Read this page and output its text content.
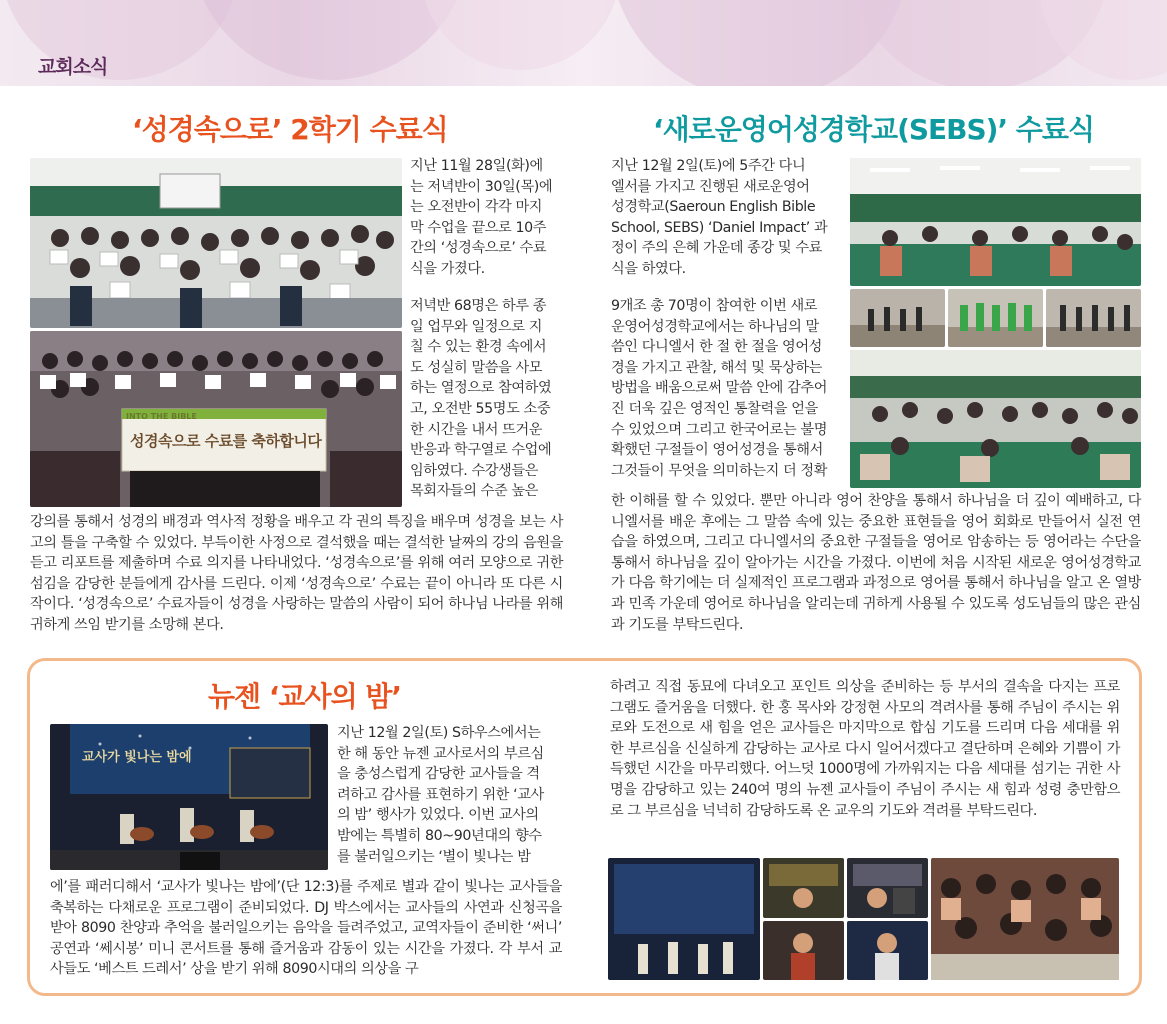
교회소식
‘성경속으로’ 2학기 수료식
INTO THE BIBLE
성경속으로 수료를 축하합니다
지난 11월 28일(화)에
는 저녁반이 30일(목)에
는 오전반이 각각 마지
막 수업을 끝으로 10주
간의 ‘성경속으로’ 수료
식을 가졌다.
저녁반 68명은 하루 종
일 업무와 일정으로 지
칠 수 있는 환경 속에서
도 성실히 말씀을 사모
하는 열정으로 참여하였
고, 오전반 55명도 소중
한 시간을 내서 뜨거운
반응과 학구열로 수업에
임하였다. 수강생들은
목회자들의 수준 높은
강의를 통해서 성경의 배경과 역사적 정황을 배우고 각 권의 특징을 배우며 성경을 보는 사고의 틀을 구축할 수 있었다. 부득이한 사정으로 결석했을 때는 결석한 날짜의 강의 음원을 듣고 리포트를 제출하며 수료 의지를 나타내었다. ‘성경속으로’를 위해 여러 모양으로 귀한 섬김을 감당한 분들에게 감사를 드린다. 이제 ‘성경속으로’ 수료는 끝이 아니라 또 다른 시작이다. ‘성경속으로’ 수료자들이 성경을 사랑하는 말씀의 사람이 되어 하나님 나라를 위해 귀하게 쓰임 받기를 소망해 본다.
‘새로운영어성경학교(SEBS)’ 수료식
지난 12월 2일(토)에 5주간 다니
엘서를 가지고 진행된 새로운영어
성경학교(Saeroun English Bible
School, SEBS) ‘Daniel Impact’ 과
정이 주의 은혜 가운데 종강 및 수료
식을 하였다.
9개조 총 70명이 참여한 이번 새로
운영어성경학교에서는 하나님의 말
씀인 다니엘서 한 절 한 절을 영어성
경을 가지고 관찰, 해석 및 묵상하는
방법을 배움으로써 말씀 안에 감추어
진 더욱 깊은 영적인 통찰력을 얻을
수 있었으며 그리고 한국어로는 불명
확했던 구절들이 영어성경을 통해서
그것들이 무엇을 의미하는지 더 정확
한 이해를 할 수 있었다. 뿐만 아니라 영어 찬양을 통해서 하나님을 더 깊이 예배하고, 다니엘서를 배운 후에는 그 말씀 속에 있는 중요한 표현들을 영어 회화로 만들어서 실전 연습을 하였으며, 그리고 다니엘서의 중요한 구절들을 영어로 암송하는 등 영어라는 수단을 통해서 하나님을 깊이 알아가는 시간을 가졌다. 이번에 처음 시작된 새로운 영어성경학교가 다음 학기에는 더 실제적인 프로그램과 과정으로 영어를 통해서 하나님을 알고 온 열방과 민족 가운데 영어로 하나님을 알리는데 귀하게 사용될 수 있도록 성도님들의 많은 관심과 기도를 부탁드린다.
뉴젠 ‘교사의 밤’
교사가 빛나는 밤에
지난 12월 2일(토) S하우스에서는
한 해 동안 뉴젠 교사로서의 부르심
을 충성스럽게 감당한 교사들을 격
려하고 감사를 표현하기 위한 ‘교사
의 밤’ 행사가 있었다. 이번 교사의
밤에는 특별히 80~90년대의 향수
를 불러일으키는 ‘별이 빛나는 밤
에’를 패러디해서 ‘교사가 빛나는 밤에’(단 12:3)를 주제로 별과 같이 빛나는 교사들을 축복하는 다채로운 프로그램이 준비되었다. DJ 박스에서는 교사들의 사연과 신청곡을 받아 8090 찬양과 추억을 불러일으키는 음악을 들려주었고, 교역자들이 준비한 ‘써니’ 공연과 ‘쎄시봉’ 미니 콘서트를 통해 즐거움과 감동이 있는 시간을 가졌다. 각 부서 교사들도 ‘베스트 드레서’ 상을 받기 위해 8090시대의 의상을 구
하려고 직접 동묘에 다녀오고 포인트 의상을 준비하는 등 부서의 결속을 다지는 프로그램도 즐거움을 더했다. 한 홍 목사와 강정현 사모의 격려사를 통해 주님이 주시는 위로와 도전으로 새 힘을 얻은 교사들은 마지막으로 합심 기도를 드리며 다음 세대를 위한 부르심을 신실하게 감당하는 교사로 다시 일어서겠다고 결단하며 은혜와 기쁨이 가득했던 시간을 마무리했다. 어느덧 1000명에 가까워지는 다음 세대를 섬기는 귀한 사명을 감당하고 있는 240여 명의 뉴젠 교사들이 주님이 주시는 새 힘과 성령 충만함으로 그 부르심을 넉넉히 감당하도록 온 교우의 기도와 격려를 부탁드린다.
